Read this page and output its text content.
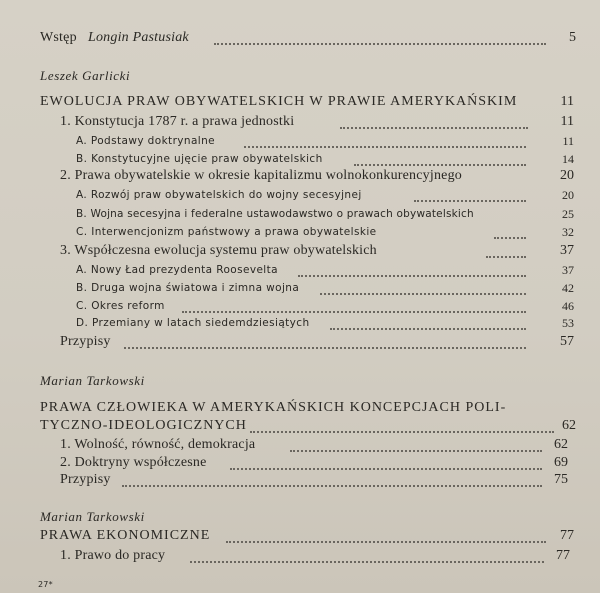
Wstęp Longin Pastusiak	5
Leszek Garlicki
EWOLUCJA PRAW OBYWATELSKICH W PRAWIE AMERYKAŃSKIM	11
1. Konstytucja 1787 r. a prawa jednostki	11
A. Podstawy doktrynalne	11
B. Konstytucyjne ujęcie praw obywatelskich	14
2. Prawa obywatelskie w okresie kapitalizmu wolnokonkurencyjnego	20
A. Rozwój praw obywatelskich do wojny secesyjnej	20
B. Wojna secesyjna i federalne ustawodawstwo o prawach obywatelskich	25
C. Interwencjonizm państwowy a prawa obywatelskie	32
3. Współczesna ewolucja systemu praw obywatelskich	37
A. Nowy Ład prezydenta Roosevelta	37
B. Druga wojna światowa i zimna wojna	42
C. Okres reform	46
D. Przemiany w latach siedemdziesiątych	53
Przypisy	57
Marian Tarkowski
PRAWA CZŁOWIEKA W AMERYKAŃSKICH KONCEPCJACH POLI-
TYCZNO-IDEOLOGICZNYCH	62
1. Wolność, równość, demokracja	62
2. Doktryny współczesne	69
Przypisy	75
Marian Tarkowski
PRAWA EKONOMICZNE	77
1. Prawo do pracy	77
27*
